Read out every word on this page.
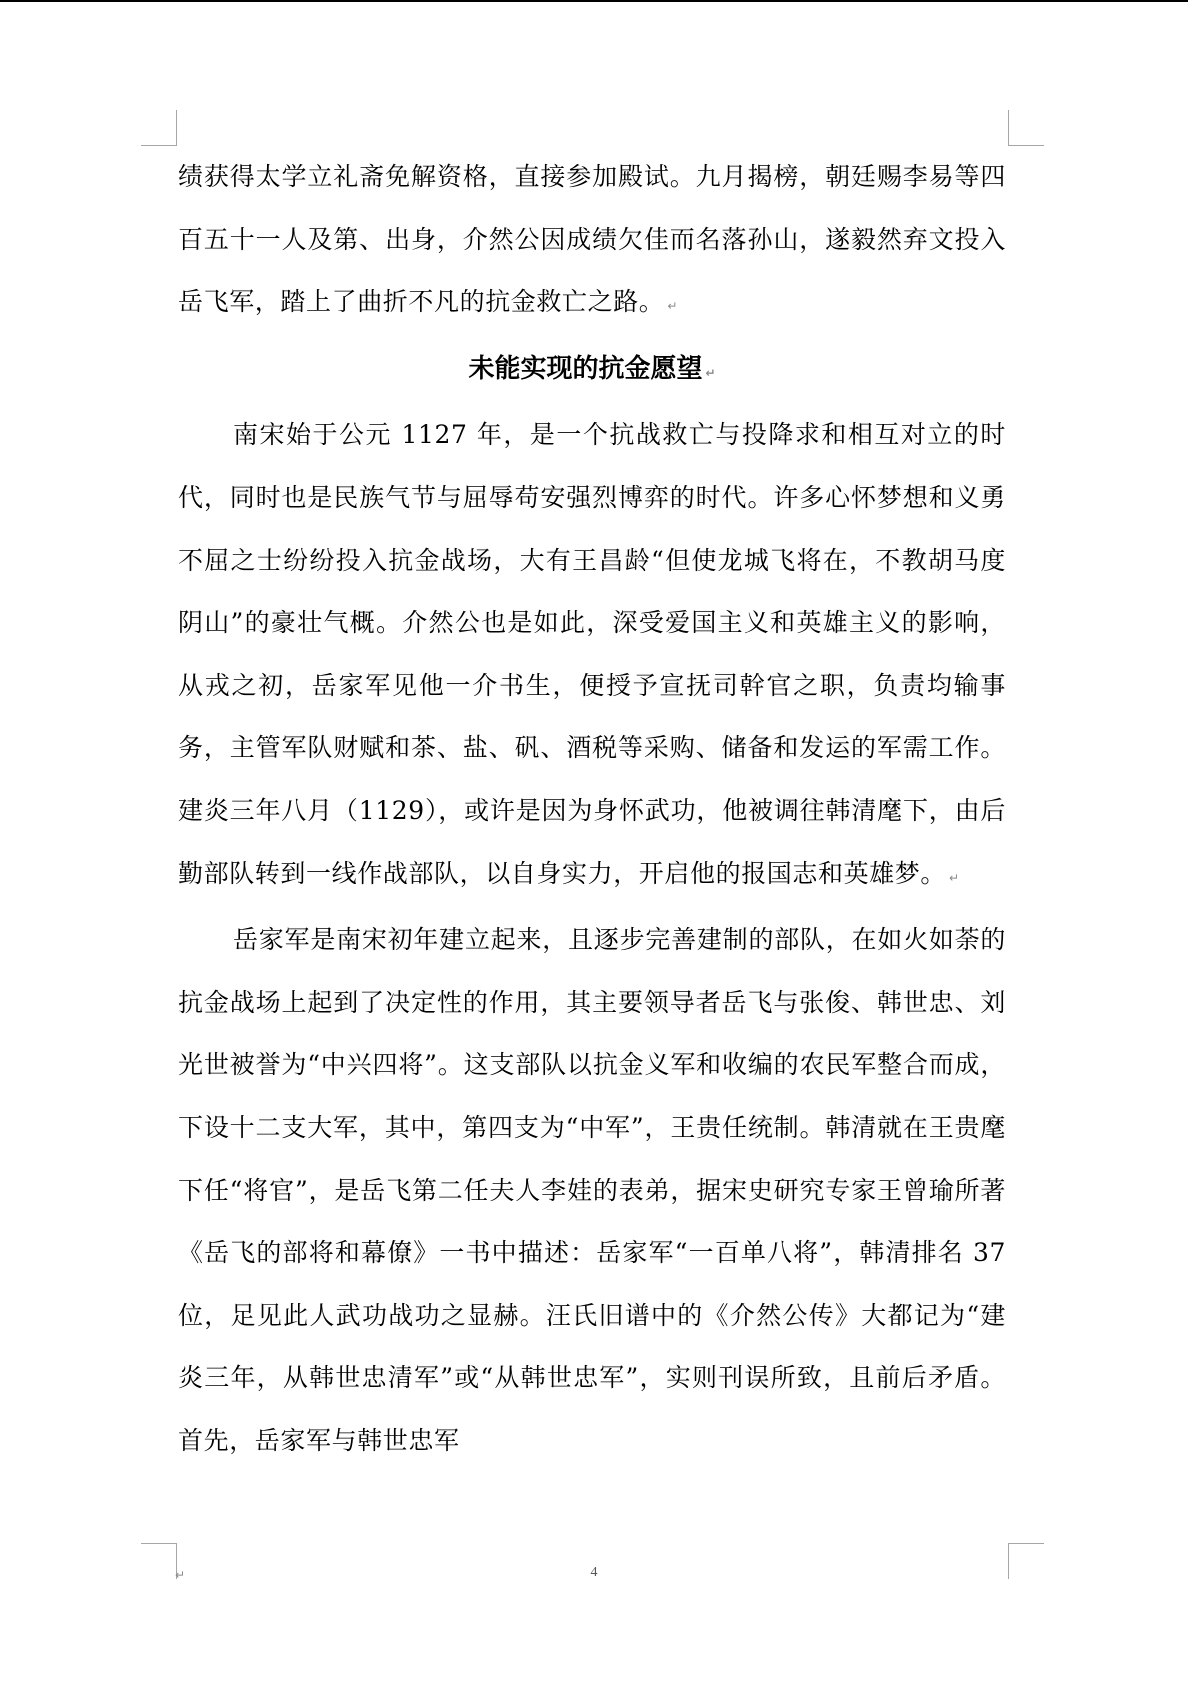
绩获得太学立礼斋免解资格，直接参加殿试。九月揭榜，朝廷赐李易等四百五十一人及第、出身，介然公因成绩欠佳而名落孙山，遂毅然弃文投入岳飞军，踏上了曲折不凡的抗金救亡之路。 ↵

未能实现的抗金愿望 ↵

南宋始于公元 1127 年，是一个抗战救亡与投降求和相互对立的时代，同时也是民族气节与屈辱苟安强烈博弈的时代。许多心怀梦想和义勇不屈之士纷纷投入抗金战场，大有王昌龄“但使龙城飞将在，不教胡马度阴山”的豪壮气概。介然公也是如此，深受爱国主义和英雄主义的影响，从戎之初，岳家军见他一介书生，便授予宣抚司幹官之职，负责均输事务，主管军队财赋和茶、盐、矾、酒税等采购、储备和发运的军需工作。建炎三年八月（1129），或许是因为身怀武功，他被调往韩清麾下，由后勤部队转到一线作战部队，以自身实力，开启他的报国志和英雄梦。 ↵

岳家军是南宋初年建立起来，且逐步完善建制的部队，在如火如荼的抗金战场上起到了决定性的作用，其主要领导者岳飞与张俊、韩世忠、刘光世被誉为“中兴四将”。这支部队以抗金义军和收编的农民军整合而成，下设十二支大军，其中，第四支为“中军”，王贵任统制。韩清就在王贵麾下任“将官”，是岳飞第二任夫人李娃的表弟，据宋史研究专家王曾瑜所著《岳飞的部将和幕僚》一书中描述：岳家军“一百单八将”，韩清排名 37 位，足见此人武功战功之显赫。汪氏旧谱中的《介然公传》大都记为“建炎三年，从韩世忠清军”或“从韩世忠军”，实则刊误所致，且前后矛盾。首先，岳家军与韩世忠军

↵	4
